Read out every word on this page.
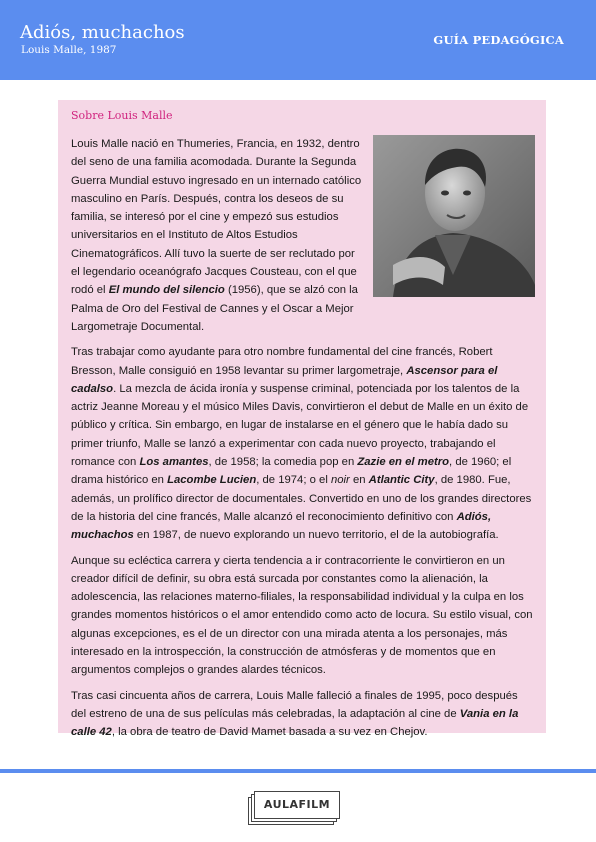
Adiós, muchachos
Louis Malle, 1987
GUÍA PEDAGÓGICA
Sobre Louis Malle

Louis Malle nació en Thumeries, Francia, en 1932, dentro del seno de una familia acomodada. Durante la Segunda Guerra Mundial estuvo ingresado en un internado católico masculino en París. Después, contra los deseos de su familia, se interesó por el cine y empezó sus estudios universitarios en el Instituto de Altos Estudios Cinematográficos. Allí tuvo la suerte de ser reclutado por el legendario oceanógrafo Jacques Cousteau, con el que rodó el El mundo del silencio (1956), que se alzó con la Palma de Oro del Festival de Cannes y el Oscar a Mejor Largometraje Documental.

Tras trabajar como ayudante para otro nombre fundamental del cine francés, Robert Bresson, Malle consiguió en 1958 levantar su primer largometraje, Ascensor para el cadalso. La mezcla de ácida ironía y suspense criminal, potenciada por los talentos de la actriz Jeanne Moreau y el músico Miles Davis, convirtieron el debut de Malle en un éxito de público y crítica. Sin embargo, en lugar de instalarse en el género que le había dado su primer triunfo, Malle se lanzó a experimentar con cada nuevo proyecto, trabajando el romance con Los amantes, de 1958; la comedia pop en Zazie en el metro, de 1960; el drama histórico en Lacombe Lucien, de 1974; o el noir en Atlantic City, de 1980. Fue, además, un prolífico director de documentales. Convertido en uno de los grandes directores de la historia del cine francés, Malle alcanzó el reconocimiento definitivo con Adiós, muchachos en 1987, de nuevo explorando un nuevo territorio, el de la autobiografía.

Aunque su ecléctica carrera y cierta tendencia a ir contracorriente le convirtieron en un creador difícil de definir, su obra está surcada por constantes como la alienación, la adolescencia, las relaciones materno-filiales, la responsabilidad individual y la culpa en los grandes momentos históricos o el amor entendido como acto de locura. Su estilo visual, con algunas excepciones, es el de un director con una mirada atenta a los personajes, más interesado en la introspección, la construcción de atmósferas y de momentos que en argumentos complejos o grandes alardes técnicos.

Tras casi cincuenta años de carrera, Louis Malle falleció a finales de 1995, poco después del estreno de una de sus películas más celebradas, la adaptación al cine de Vania en la calle 42, la obra de teatro de David Mamet basada a su vez en Chejov.

AULAFILM
